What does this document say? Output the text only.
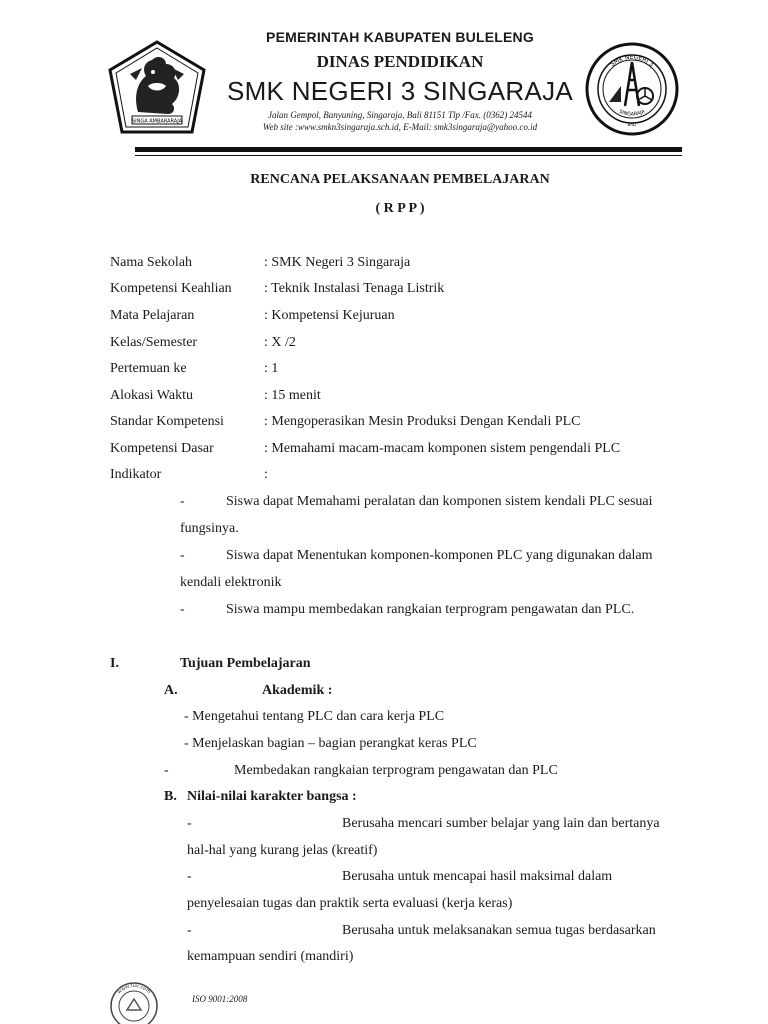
SINGA AMBARARAJA
PEMERINTAH KABUPATEN BULELENG
DINAS PENDIDIKAN
SMK NEGERI 3 SINGARAJA
Jalan Gempol, Banyuning, Singaraja, Bali 81151 Tlp /Fax. (0362) 24544
Web site :www.smkn3singaraja.sch.id, E-Mail: smk3singaraja@yahoo.co.id
SMK NEGERI 3
SINGARAJA
BALI
RENCANA PELAKSANAAN PEMBELAJARAN
( R P P )
Nama Sekolah	: SMK Negeri 3 Singaraja
Kompetensi Keahlian : Teknik Instalasi Tenaga Listrik
Mata Pelajaran	: Kompetensi Kejuruan
Kelas/Semester	: X /2
Pertemuan ke	: 1
Alokasi Waktu	: 15 menit
Standar Kompetensi	: Mengoperasikan Mesin Produksi Dengan Kendali PLC
Kompetensi Dasar	: Memahami macam-macam komponen sistem pengendali PLC
Indikator	:
-	Siswa dapat Memahami peralatan dan komponen sistem kendali PLC sesuai
fungsinya.
-	Siswa dapat Menentukan komponen-komponen PLC yang digunakan dalam
kendali elektronik
-	Siswa mampu membedakan rangkaian terprogram pengawatan dan PLC.
I.	Tujuan Pembelajaran
A.	Akademik :
- Mengetahui tentang PLC dan cara kerja PLC
- Menjelaskan bagian – bagian perangkat keras PLC
-	Membedakan rangkaian terprogram pengawatan dan PLC
B. Nilai-nilai karakter bangsa :
-	Berusaha mencari sumber belajar yang lain dan bertanya
hal-hal yang kurang jelas (kreatif)
-	Berusaha untuk mencapai hasil maksimal dalam
penyelesaian tugas dan praktik serta evaluasi (kerja keras)
-	Berusaha untuk melaksanakan semua tugas berdasarkan
kemampuan sendiri (mandiri)
www.tuv.com
ISO 9001:2008
